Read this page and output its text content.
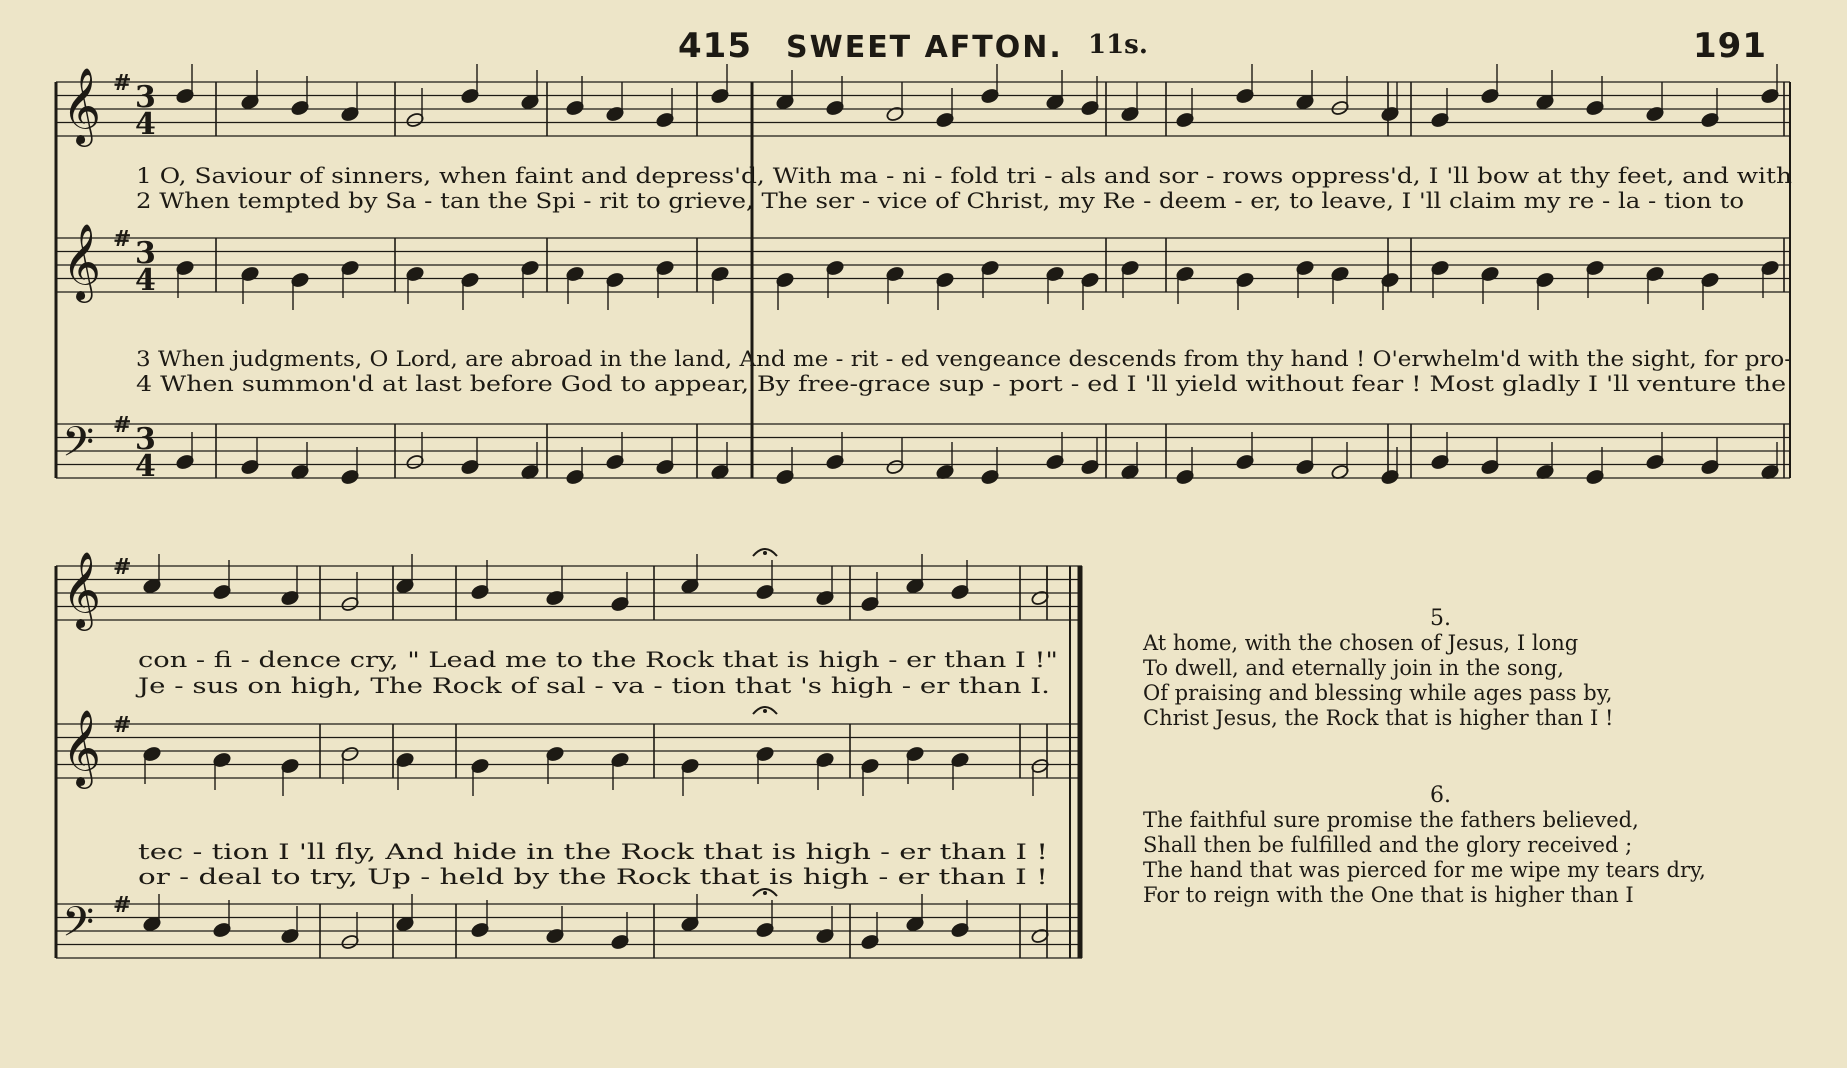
415 SWEET AFTON. 11s.	191
𝄞 # 3
4
𝄞 # 3
4
𝄢 # 3
4
𝄞 #
𝄞 #
𝄢 #
1 O, Saviour of sinners, when faint and depress'd, With ma - ni - fold tri - als and sor - rows oppress'd, I 'll bow at thy feet, and with
2 When tempted by Sa - tan the Spi - rit to grieve, The ser - vice of Christ, my Re - deem - er, to leave, I 'll claim my re - la - tion to
3 When judgments, O Lord, are abroad in the land, And me - rit - ed vengeance descends from thy hand ! O'erwhelm'd with the sight, for pro-
4 When summon'd at last before God to appear, By free-grace sup - port - ed I 'll yield without fear ! Most gladly I 'll venture the
con - fi - dence cry, " Lead me to the Rock that is high - er than I !"
Je - sus on high, The Rock of sal - va - tion that 's high - er than I.
tec - tion I 'll fly, And hide in the Rock that is high - er than I !
or - deal to try, Up - held by the Rock that is high - er than I !
5.
At home, with the chosen of Jesus, I long
To dwell, and eternally join in the song,
Of praising and blessing while ages pass by,
Christ Jesus, the Rock that is higher than I !
6.
The faithful sure promise the fathers believed,
Shall then be fulfilled and the glory received ;
The hand that was pierced for me wipe my tears dry,
For to reign with the One that is higher than I
